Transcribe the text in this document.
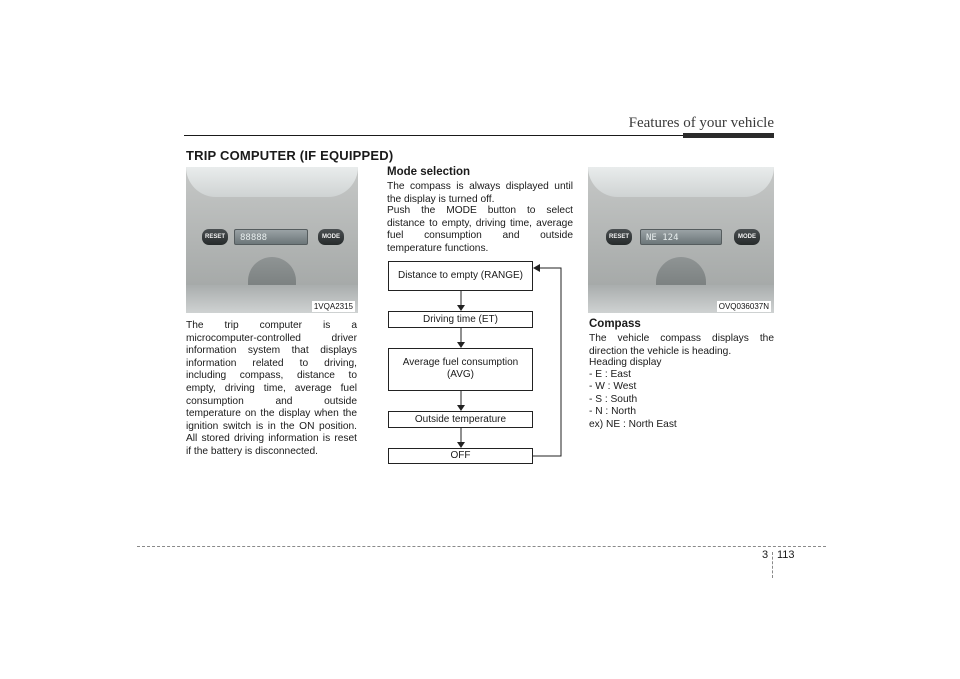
Features of your vehicle
TRIP COMPUTER (IF EQUIPPED)
RESET	88888	MODE
1VQA2315
The trip computer is a microcomputer-controlled driver information system that displays information related to driving, including compass, distance to empty, driving time, average fuel consumption and outside temperature on the display when the ignition switch is in the ON position. All stored driving information is reset if the battery is disconnected.
Mode selection
The compass is always displayed until the display is turned off.
Push the MODE button to select distance to empty, driving time, average fuel consumption and outside temperature functions.
Distance to empty (RANGE)
Driving time (ET)
Average fuel consumption
(AVG)
Outside temperature
OFF
RESET	NE 124	MODE
OVQ036037N
Compass
The vehicle compass displays the direction the vehicle is heading.
Heading display
- E : East
- W : West
- S : South
- N : North
ex) NE : North East
3 113
